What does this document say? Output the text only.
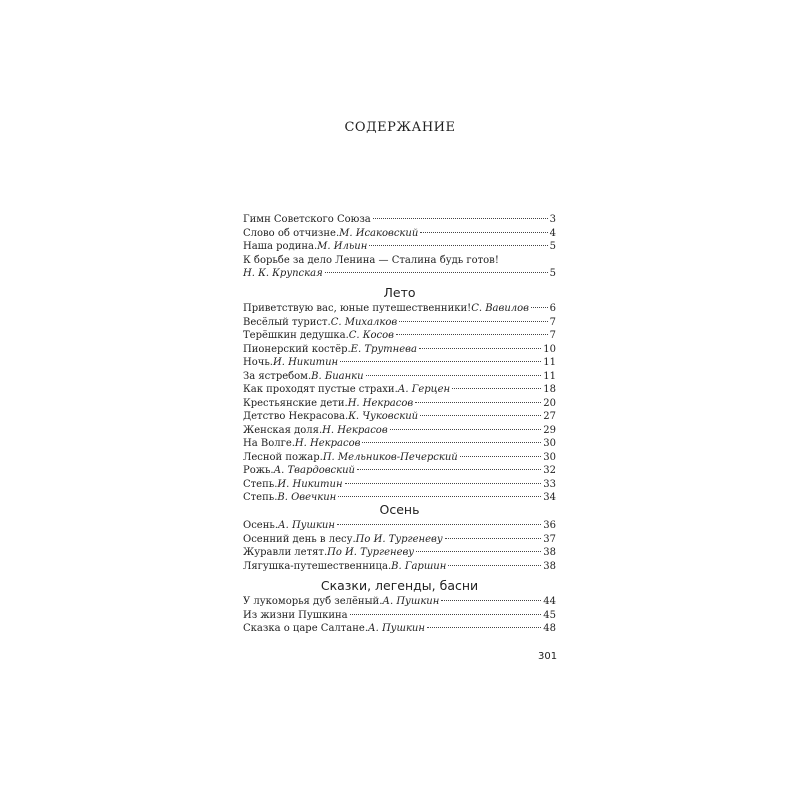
СОДЕРЖАНИЕ
Гимн Советского Союза	3
Слово об отчизне. М. Исаковский	4
Наша родина. М. Ильин	5
К борьбе за дело Ленина — Сталина будь готов!
Н. К. Крупская	5
Лето
Приветствую вас, юные путешественники! С. Вавилов 6
Весёлый турист. С. Михалков	7
Терёшкин дедушка. С. Косов	7
Пионерский костёр. Е. Трутнева	10
Ночь. И. Никитин	11
За ястребом. В. Бианки	11
Как проходят пустые страхи. А. Герцен	18
Крестьянские дети. Н. Некрасов	20
Детство Некрасова. К. Чуковский	27
Женская доля. Н. Некрасов	29
На Волге. Н. Некрасов	30
Лесной пожар. П. Мельников-Печерский	30
Рожь. А. Твардовский	32
Степь. И. Никитин	33
Степь. В. Овечкин	34
Осень
Осень. А. Пушкин	36
Осенний день в лесу. По И. Тургеневу	37
Журавли летят. По И. Тургеневу	38
Лягушка-путешественница. В. Гаршин	38
Сказки, легенды, басни
У лукоморья дуб зелёный. А. Пушкин	44
Из жизни Пушкина	45
Сказка о царе Салтане. А. Пушкин	48
301
